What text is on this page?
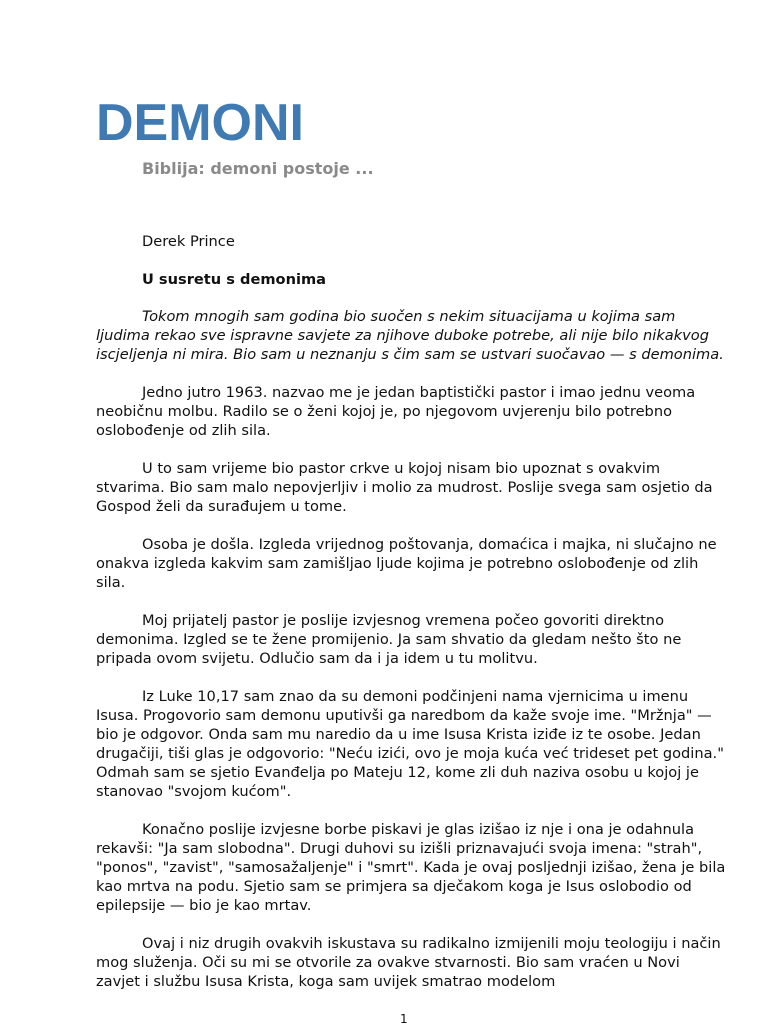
DEMONI
Biblija: demoni postoje ...

Derek Prince

U susretu s demonima

Tokom mnogih sam godina bio suočen s nekim situacijama u kojima sam ljudima rekao sve ispravne savjete za njihove duboke potrebe, ali nije bilo nikakvog iscjeljenja ni mira. Bio sam u neznanju s čim sam se ustvari suočavao — s demonima.

Jedno jutro 1963. nazvao me je jedan baptistički pastor i imao jednu veoma neobičnu molbu. Radilo se o ženi kojoj je, po njegovom uvjerenju bilo potrebno oslobođenje od zlih sila.

U to sam vrijeme bio pastor crkve u kojoj nisam bio upoznat s ovakvim stvarima. Bio sam malo nepovjerljiv i molio za mudrost. Poslije svega sam osjetio da Gospod želi da surađujem u tome.

Osoba je došla. Izgleda vrijednog poštovanja, domaćica i majka, ni slučajno ne onakva izgleda kakvim sam zamišljao ljude kojima je potrebno oslobođenje od zlih sila.

Moj prijatelj pastor je poslije izvjesnog vremena počeo govoriti direktno demonima. Izgled se te žene promijenio. Ja sam shvatio da gledam nešto što ne pripada ovom svijetu. Odlučio sam da i ja idem u tu molitvu.

Iz Luke 10,17 sam znao da su demoni podčinjeni nama vjernicima u imenu Isusa. Progovorio sam demonu uputivši ga naredbom da kaže svoje ime. "Mržnja" — bio je odgovor. Onda sam mu naredio da u ime Isusa Krista iziđe iz te osobe. Jedan drugačiji, tiši glas je odgovorio: "Neću izići, ovo je moja kuća već trideset pet godina." Odmah sam se sjetio Evanđelja po Mateju 12, kome zli duh naziva osobu u kojoj je stanovao "svojom kućom".

Konačno poslije izvjesne borbe piskavi je glas izišao iz nje i ona je odahnula rekavši: "Ja sam slobodna". Drugi duhovi su izišli priznavajući svoja imena: "strah", "ponos", "zavist", "samosažaljenje" i "smrt". Kada je ovaj posljednji izišao, žena je bila kao mrtva na podu. Sjetio sam se primjera sa dječakom koga je Isus oslobodio od epilepsije — bio je kao mrtav.

Ovaj i niz drugih ovakvih iskustava su radikalno izmijenili moju teologiju i način mog služenja. Oči su mi se otvorile za ovakve stvarnosti. Bio sam vraćen u Novi zavjet i službu Isusa Krista, koga sam uvijek smatrao modelom

1
